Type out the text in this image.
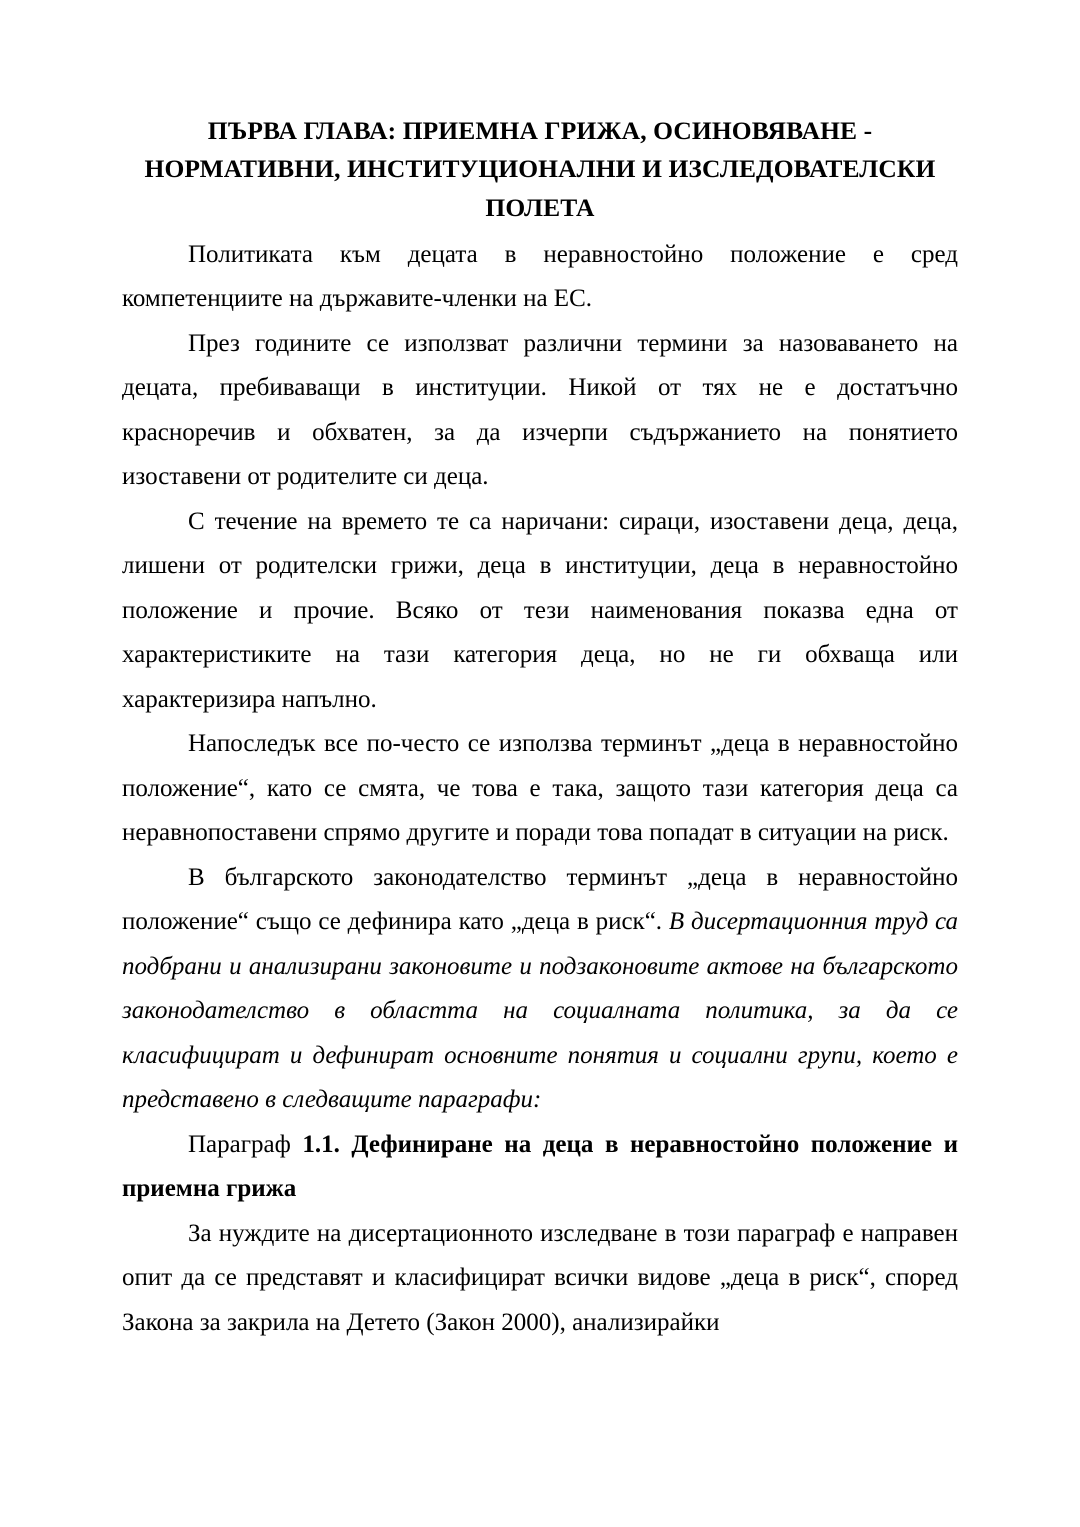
ПЪРВА ГЛАВА: ПРИЕМНА ГРИЖА, ОСИНОВЯВАНЕ - НОРМАТИВНИ, ИНСТИТУЦИОНАЛНИ И ИЗСЛЕДОВАТЕЛСКИ ПОЛЕТА

Политиката към децата в неравностойно положение е сред компетенциите на държавите-членки на ЕС.

През годините се използват различни термини за назоваването на децата, пребиваващи в институции. Никой от тях не е достатъчно красноречив и обхватен, за да изчерпи съдържанието на понятието изоставени от родителите си деца.

С течение на времето те са наричани: сираци, изоставени деца, деца, лишени от родителски грижи, деца в институции, деца в неравностойно положение и прочие. Всяко от тези наименования показва една от характеристиките на тази категория деца, но не ги обхваща или характеризира напълно.

Напоследък все по-често се използва терминът „деца в неравностойно положение“, като се смята, че това е така, защото тази категория деца са неравнопоставени спрямо другите и поради това попадат в ситуации на риск.

В българското законодателство терминът „деца в неравностойно положение“ също се дефинира като „деца в риск“. В дисертационния труд са подбрани и анализирани законовите и подзаконовите актове на българското законодателство в областта на социалната политика, за да се класифицират и дефинират основните понятия и социални групи, което е представено в следващите параграфи:

Параграф 1.1. Дефиниране на деца в неравностойно положение и приемна грижа

За нуждите на дисертационното изследване в този параграф е направен опит да се представят и класифицират всички видове „деца в риск“, според Закона за закрила на Детето (Закон 2000), анализирайки
